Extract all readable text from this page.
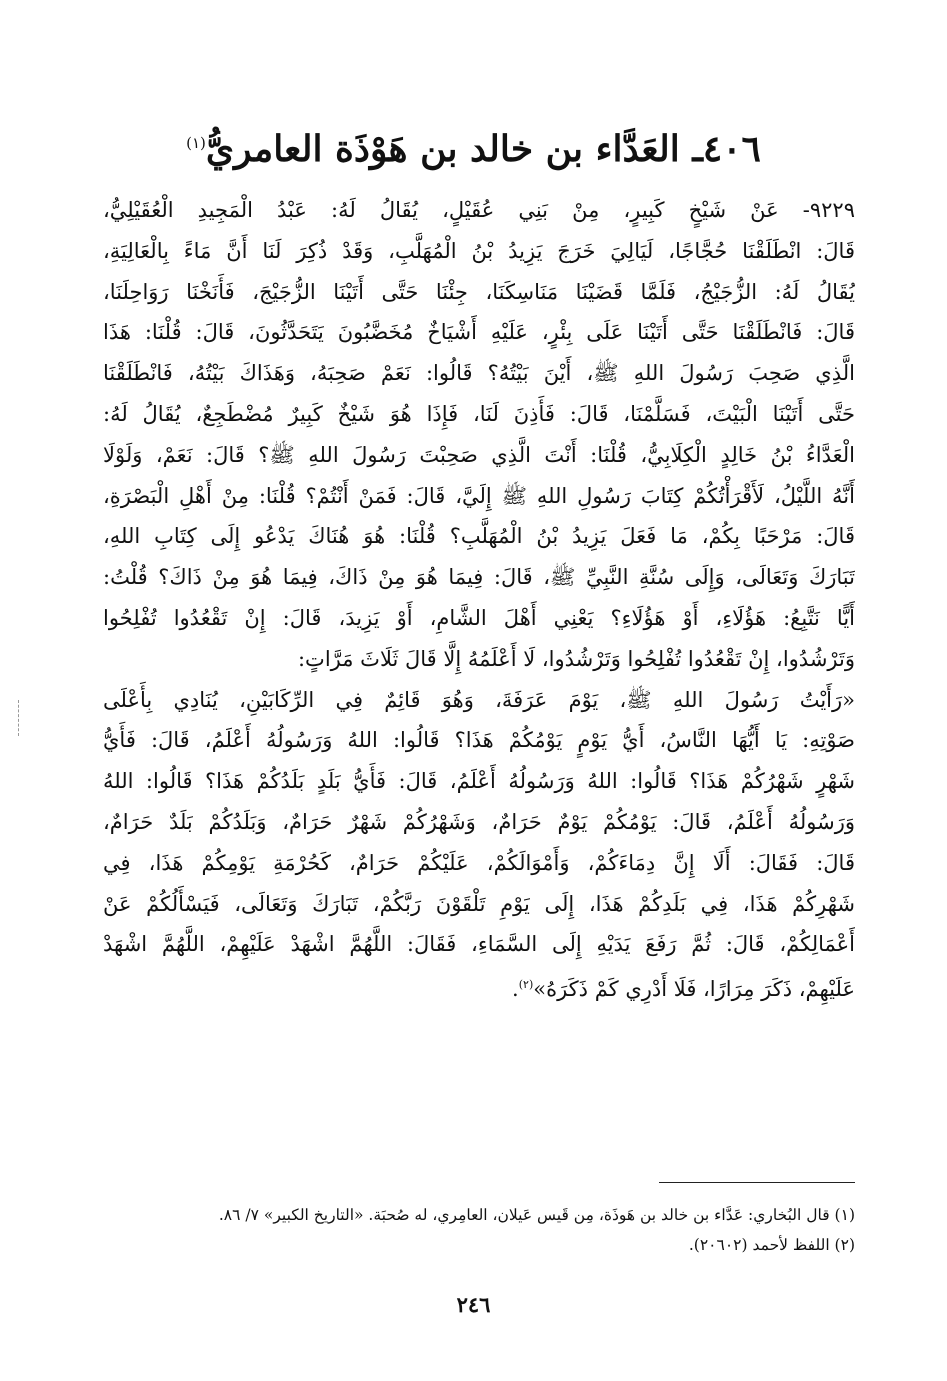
٤٠٦ـ العَدَّاء بن خالد بن هَوْذَة العامريُّ$^{(١)}$
٩٢٢٩- عَنْ شَيْخٍ كَبِيرٍ، مِنْ بَنِي عُقَيْلٍ، يُقَالُ لَهُ: عَبْدُ الْمَجِيدِ الْعُقَيْلِيُّ،
قَالَ: انْطَلَقْنَا حُجَّاجًا، لَيَالِيَ خَرَجَ يَزِيدُ بْنُ الْمُهَلَّبِ، وَقَدْ ذُكِرَ لَنَا أَنَّ مَاءً بِالْعَالِيَةِ،
يُقَالُ لَهُ: الزُّجَيْجُ، فَلَمَّا قَضَيْنَا مَنَاسِكَنَا، جِئْنَا حَتَّى أَتَيْنَا الزُّجَيْجَ، فَأَنَخْنَا رَوَاحِلَنَا،
قَالَ: فَانْطَلَقْنَا حَتَّى أَتَيْنَا عَلَى بِئْرٍ، عَلَيْهِ أَشْيَاخٌ مُخَضَّبُونَ يَتَحَدَّثُونَ، قَالَ: قُلْنَا: هَذَا
الَّذِي صَحِبَ رَسُولَ اللهِ ﷺ، أَيْنَ بَيْتُهُ؟ قَالُوا: نَعَمْ صَحِبَهُ، وَهَذَاكَ بَيْتُهُ، فَانْطَلَقْنَا
حَتَّى أَتَيْنَا الْبَيْتَ، فَسَلَّمْنَا، قَالَ: فَأَذِنَ لَنَا، فَإِذَا هُوَ شَيْخٌ كَبِيرٌ مُضْطَجِعٌ، يُقَالُ لَهُ:
الْعَدَّاءُ بْنُ خَالِدٍ الْكِلَابِيُّ، قُلْنَا: أَنْتَ الَّذِي صَحِبْتَ رَسُولَ اللهِ ﷺ؟ قَالَ: نَعَمْ، وَلَوْلَا
أَنَّهُ اللَّيْلُ، لَأَقْرَأْتُكُمْ كِتَابَ رَسُولِ اللهِ ﷺ إِلَيَّ، قَالَ: فَمَنْ أَنْتُمْ؟ قُلْنَا: مِنْ أَهْلِ الْبَصْرَةِ،
قَالَ: مَرْحَبًا بِكُمْ، مَا فَعَلَ يَزِيدُ بْنُ الْمُهَلَّبِ؟ قُلْنَا: هُوَ هُنَاكَ يَدْعُو إِلَى كِتَابِ اللهِ،
تَبَارَكَ وَتَعَالَى، وَإِلَى سُنَّةِ النَّبِيِّ ﷺ، قَالَ: فِيمَا هُوَ مِنْ ذَاكَ، فِيمَا هُوَ مِنْ ذَاكَ؟ قُلْتُ:
أَيًّا نَتَّبِعُ: هَؤُلَاءِ، أَوْ هَؤُلَاءِ؟ يَعْنِي أَهْلَ الشَّامِ، أَوْ يَزِيدَ، قَالَ: إِنْ تَقْعُدُوا تُفْلِحُوا
وَتَرْشُدُوا، إِنْ تَقْعُدُوا تُفْلِحُوا وَتَرْشُدُوا، لَا أَعْلَمُهُ إِلَّا قَالَ ثَلَاثَ مَرَّاتٍ:
«رَأَيْتُ رَسُولَ اللهِ ﷺ، يَوْمَ عَرَفَةَ، وَهُوَ قَائِمٌ فِي الرِّكَابَيْنِ، يُنَادِي بِأَعْلَى
صَوْتِهِ: يَا أَيُّهَا النَّاسُ، أَيُّ يَوْمٍ يَوْمُكُمْ هَذَا؟ قَالُوا: اللهُ وَرَسُولُهُ أَعْلَمُ، قَالَ: فَأَيُّ
شَهْرٍ شَهْرُكُمْ هَذَا؟ قَالُوا: اللهُ وَرَسُولُهُ أَعْلَمُ، قَالَ: فَأَيُّ بَلَدٍ بَلَدُكُمْ هَذَا؟ قَالُوا: اللهُ
وَرَسُولُهُ أَعْلَمُ، قَالَ: يَوْمُكُمْ يَوْمٌ حَرَامٌ، وَشَهْرُكُمْ شَهْرٌ حَرَامٌ، وَبَلَدُكُمْ بَلَدٌ حَرَامٌ،
قَالَ: فَقَالَ: أَلَا إِنَّ دِمَاءَكُمْ، وَأَمْوَالَكُمْ، عَلَيْكُمْ حَرَامٌ، كَحُرْمَةِ يَوْمِكُمْ هَذَا، فِي
شَهْرِكُمْ هَذَا، فِي بَلَدِكُمْ هَذَا، إِلَى يَوْمِ تَلْقَوْنَ رَبَّكُمْ، تَبَارَكَ وَتَعَالَى، فَيَسْأَلُكُمْ عَنْ
أَعْمَالِكُمْ، قَالَ: ثُمَّ رَفَعَ يَدَيْهِ إِلَى السَّمَاءِ، فَقَالَ: اللَّهُمَّ اشْهَدْ عَلَيْهِمْ، اللَّهُمَّ اشْهَدْ
عَلَيْهِمْ، ذَكَرَ مِرَارًا، فَلَا أَدْرِي كَمْ ذَكَرَهُ»$^{(٢)}$.
(١) قال البُخاري: عَدَّاء بن خالد بن هَوذَة، مِن قَيس عَيلان، العامِري، له صُحبَة. «التاريخ الكبير» ٧/ ٨٦.
(٢) اللفظ لأحمد (٢٠٦٠٢).
٢٤٦
